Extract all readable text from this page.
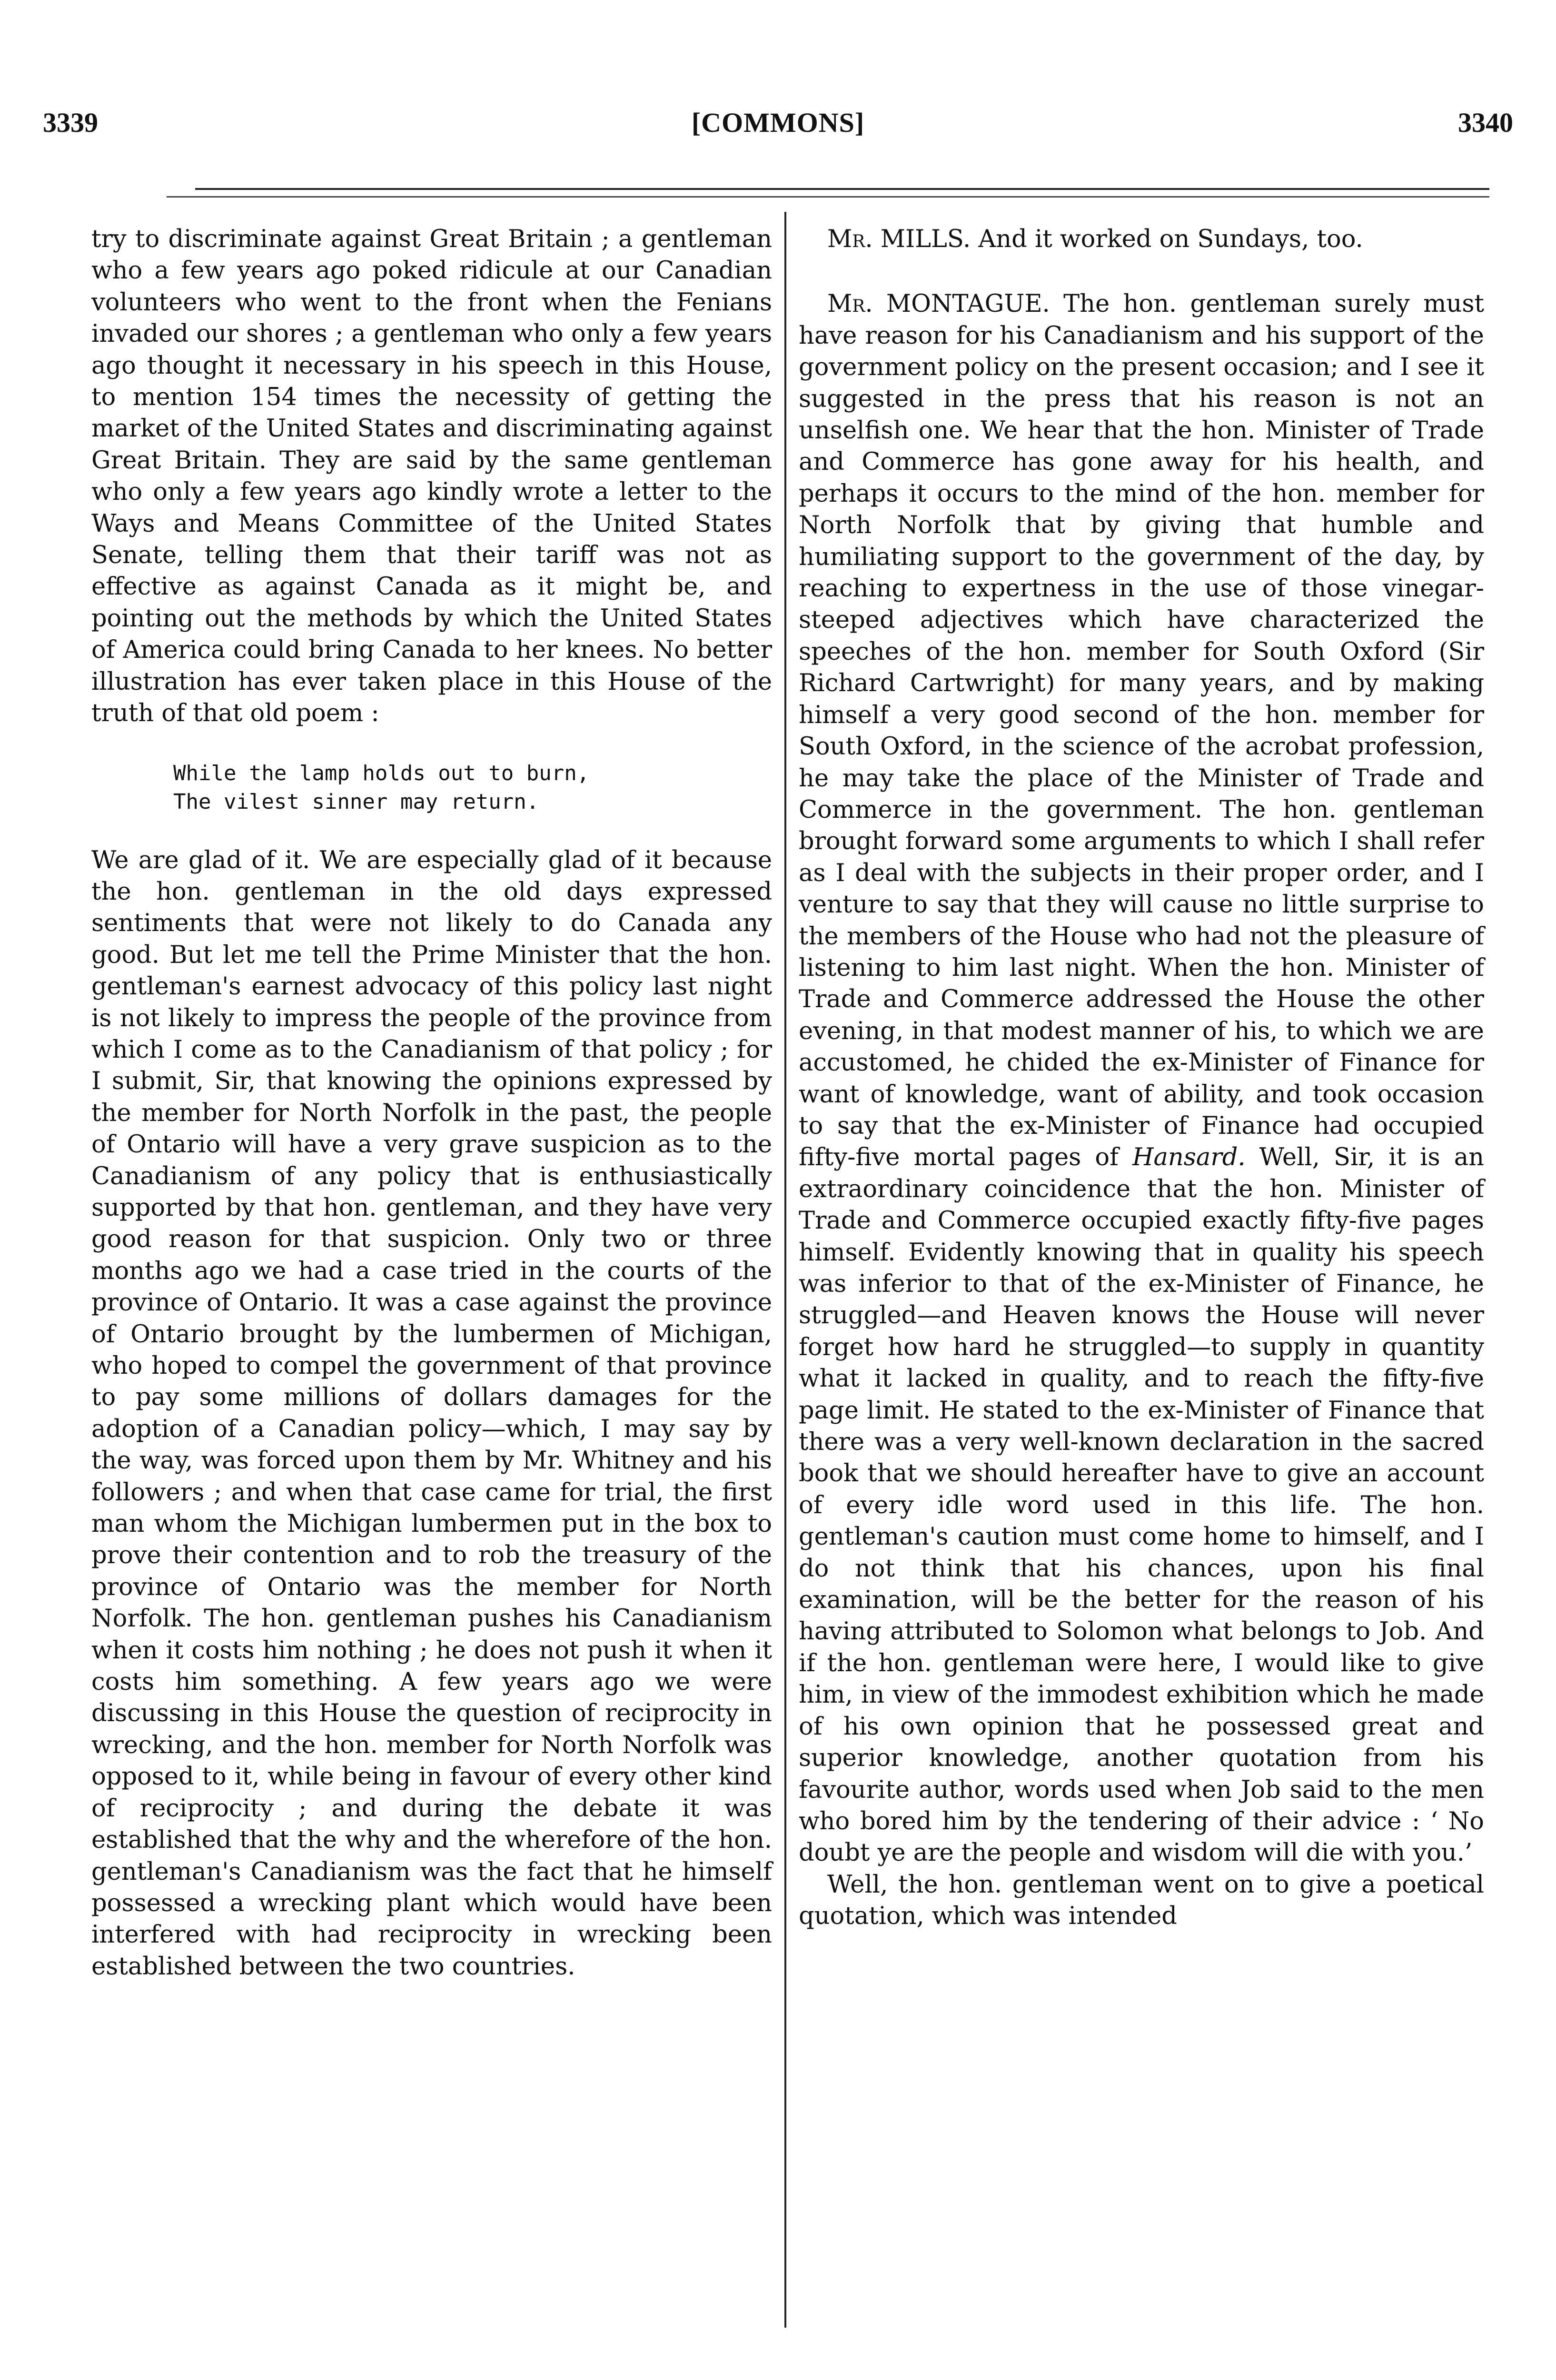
3339	[COMMONS]	3340

try to discriminate against Great Britain ; a gentleman who a few years ago poked ridicule at our Canadian volunteers who went to the front when the Fenians invaded our shores ; a gentleman who only a few years ago thought it necessary in his speech in this House, to mention 154 times the necessity of getting the market of the United States and discriminating against Great Britain. They are said by the same gentleman who only a few years ago kindly wrote a letter to the Ways and Means Committee of the United States Senate, telling them that their tariff was not as effective as against Canada as it might be, and pointing out the methods by which the United States of America could bring Canada to her knees. No better illustration has ever taken place in this House of the truth of that old poem :

While the lamp holds out to burn,
The vilest sinner may return.

We are glad of it. We are especially glad of it because the hon. gentleman in the old days expressed sentiments that were not likely to do Canada any good. But let me tell the Prime Minister that the hon. gentleman's earnest advocacy of this policy last night is not likely to impress the people of the province from which I come as to the Canadianism of that policy ; for I submit, Sir, that knowing the opinions expressed by the member for North Norfolk in the past, the people of Ontario will have a very grave suspicion as to the Canadianism of any policy that is enthusiastically supported by that hon. gentleman, and they have very good reason for that suspicion. Only two or three months ago we had a case tried in the courts of the province of Ontario. It was a case against the province of Ontario brought by the lumbermen of Michigan, who hoped to compel the government of that province to pay some millions of dollars damages for the adoption of a Canadian policy—which, I may say by the way, was forced upon them by Mr. Whitney and his followers ; and when that case came for trial, the first man whom the Michigan lumbermen put in the box to prove their contention and to rob the treasury of the province of Ontario was the member for North Norfolk. The hon. gentleman pushes his Canadianism when it costs him nothing ; he does not push it when it costs him something. A few years ago we were discussing in this House the question of reciprocity in wrecking, and the hon. member for North Norfolk was opposed to it, while being in favour of every other kind of reciprocity ; and during the debate it was established that the why and the wherefore of the hon. gentleman's Canadianism was the fact that he himself possessed a wrecking plant which would have been interfered with had reciprocity in wrecking been established between the two countries.

Mr. MILLS. And it worked on Sundays, too.

Mr. MONTAGUE. The hon. gentleman surely must have reason for his Canadianism and his support of the government policy on the present occasion; and I see it suggested in the press that his reason is not an unselfish one. We hear that the hon. Minister of Trade and Commerce has gone away for his health, and perhaps it occurs to the mind of the hon. member for North Norfolk that by giving that humble and humiliating support to the government of the day, by reaching to expertness in the use of those vinegar-steeped adjectives which have characterized the speeches of the hon. member for South Oxford (Sir Richard Cartwright) for many years, and by making himself a very good second of the hon. member for South Oxford, in the science of the acrobat profession, he may take the place of the Minister of Trade and Commerce in the government. The hon. gentleman brought forward some arguments to which I shall refer as I deal with the subjects in their proper order, and I venture to say that they will cause no little surprise to the members of the House who had not the pleasure of listening to him last night. When the hon. Minister of Trade and Commerce addressed the House the other evening, in that modest manner of his, to which we are accustomed, he chided the ex-Minister of Finance for want of knowledge, want of ability, and took occasion to say that the ex-Minister of Finance had occupied fifty-five mortal pages of Hansard. Well, Sir, it is an extraordinary coincidence that the hon. Minister of Trade and Commerce occupied exactly fifty-five pages himself. Evidently knowing that in quality his speech was inferior to that of the ex-Minister of Finance, he struggled—and Heaven knows the House will never forget how hard he struggled—to supply in quantity what it lacked in quality, and to reach the fifty-five page limit. He stated to the ex-Minister of Finance that there was a very well-known declaration in the sacred book that we should hereafter have to give an account of every idle word used in this life. The hon. gentleman's caution must come home to himself, and I do not think that his chances, upon his final examination, will be the better for the reason of his having attributed to Solomon what belongs to Job. And if the hon. gentleman were here, I would like to give him, in view of the immodest exhibition which he made of his own opinion that he possessed great and superior knowledge, another quotation from his favourite author, words used when Job said to the men who bored him by the tendering of their advice : ‘ No doubt ye are the people and wisdom will die with you.’

Well, the hon. gentleman went on to give a poetical quotation, which was intended
